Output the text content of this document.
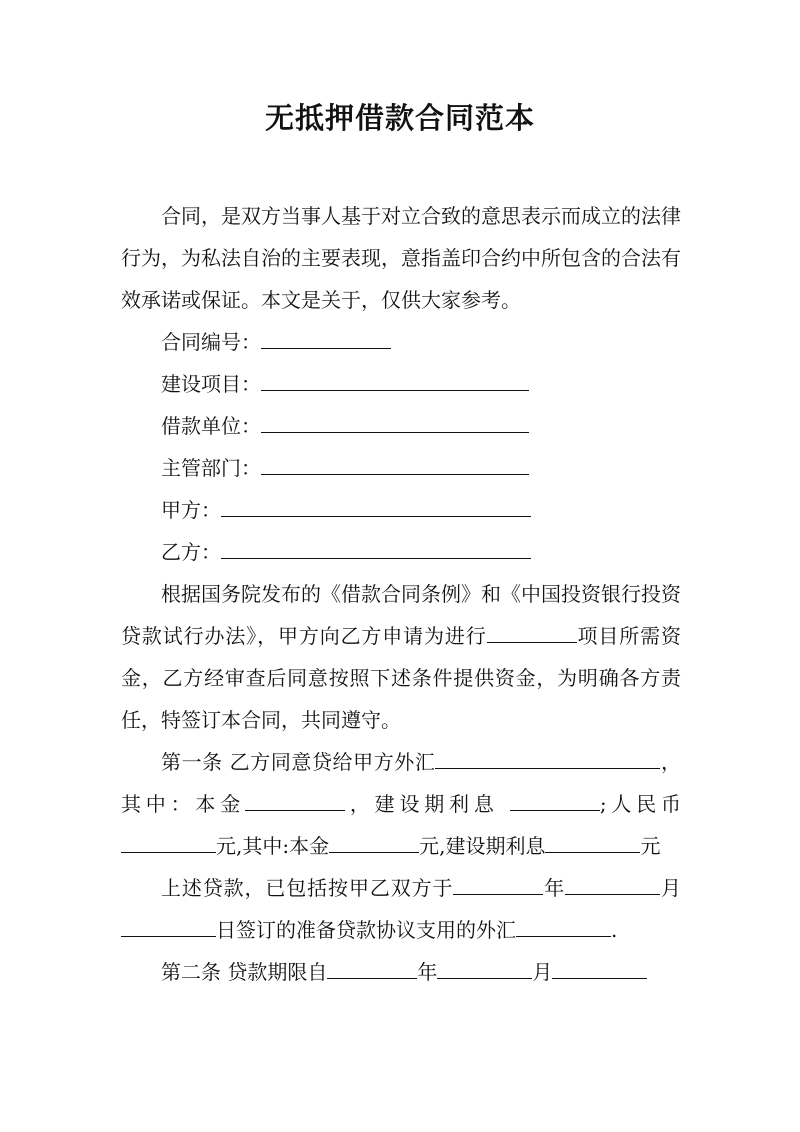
无抵押借款合同范本

合同，是双方当事人基于对立合致的意思表示而成立的法律行为，为私法自治的主要表现，意指盖印合约中所包含的合法有效承诺或保证。本文是关于，仅供大家参考。

合同编号：
建设项目：
借款单位：
主管部门：
甲方：
乙方：

根据国务院发布的《借款合同条例》和《中国投资银行投资贷款试行办法》，甲方向乙方申请为进行	项目所需资金，乙方经审查后同意按照下述条件提供资金，为明确各方责任，特签订本合同，共同遵守。

第一条 乙方同意贷给甲方外汇	，其中：本金	，建设期利息	;人民币元,其中:本金	元,建设期利息	元

上述贷款，已包括按甲乙双方于	年	月日签订的准备贷款协议支用的外汇	.

第二条 贷款期限自	年	月
